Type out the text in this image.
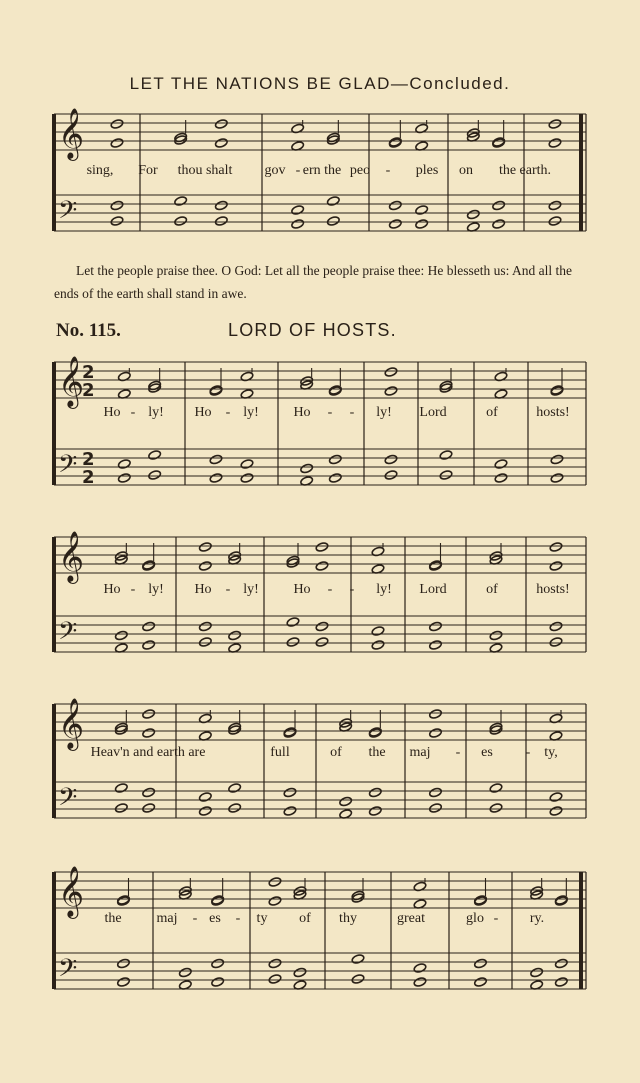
LET THE NATIONS BE GLAD—Concluded.
Let the people praise thee. O God: Let all the people praise thee: He blesseth us: And all the ends of the earth shall stand in awe.
No. 115.	LORD OF HOSTS.
𝄞
𝄢
𝄞
𝄢
𝄞
𝄢
𝄞
𝄢
𝄞
𝄢
2
2
2
2
sing, For thou shalt gov - ern the peo - ples on the earth.
Ho - ly! Ho - ly! Ho - - ly! Lord	of	hosts!
Ho - ly! Ho - ly! Ho - - ly! Lord	of	hosts!
Heav'n and earth are	full	of the maj - es - ty,
the maj - es - ty of thy	great	glo - ry.
